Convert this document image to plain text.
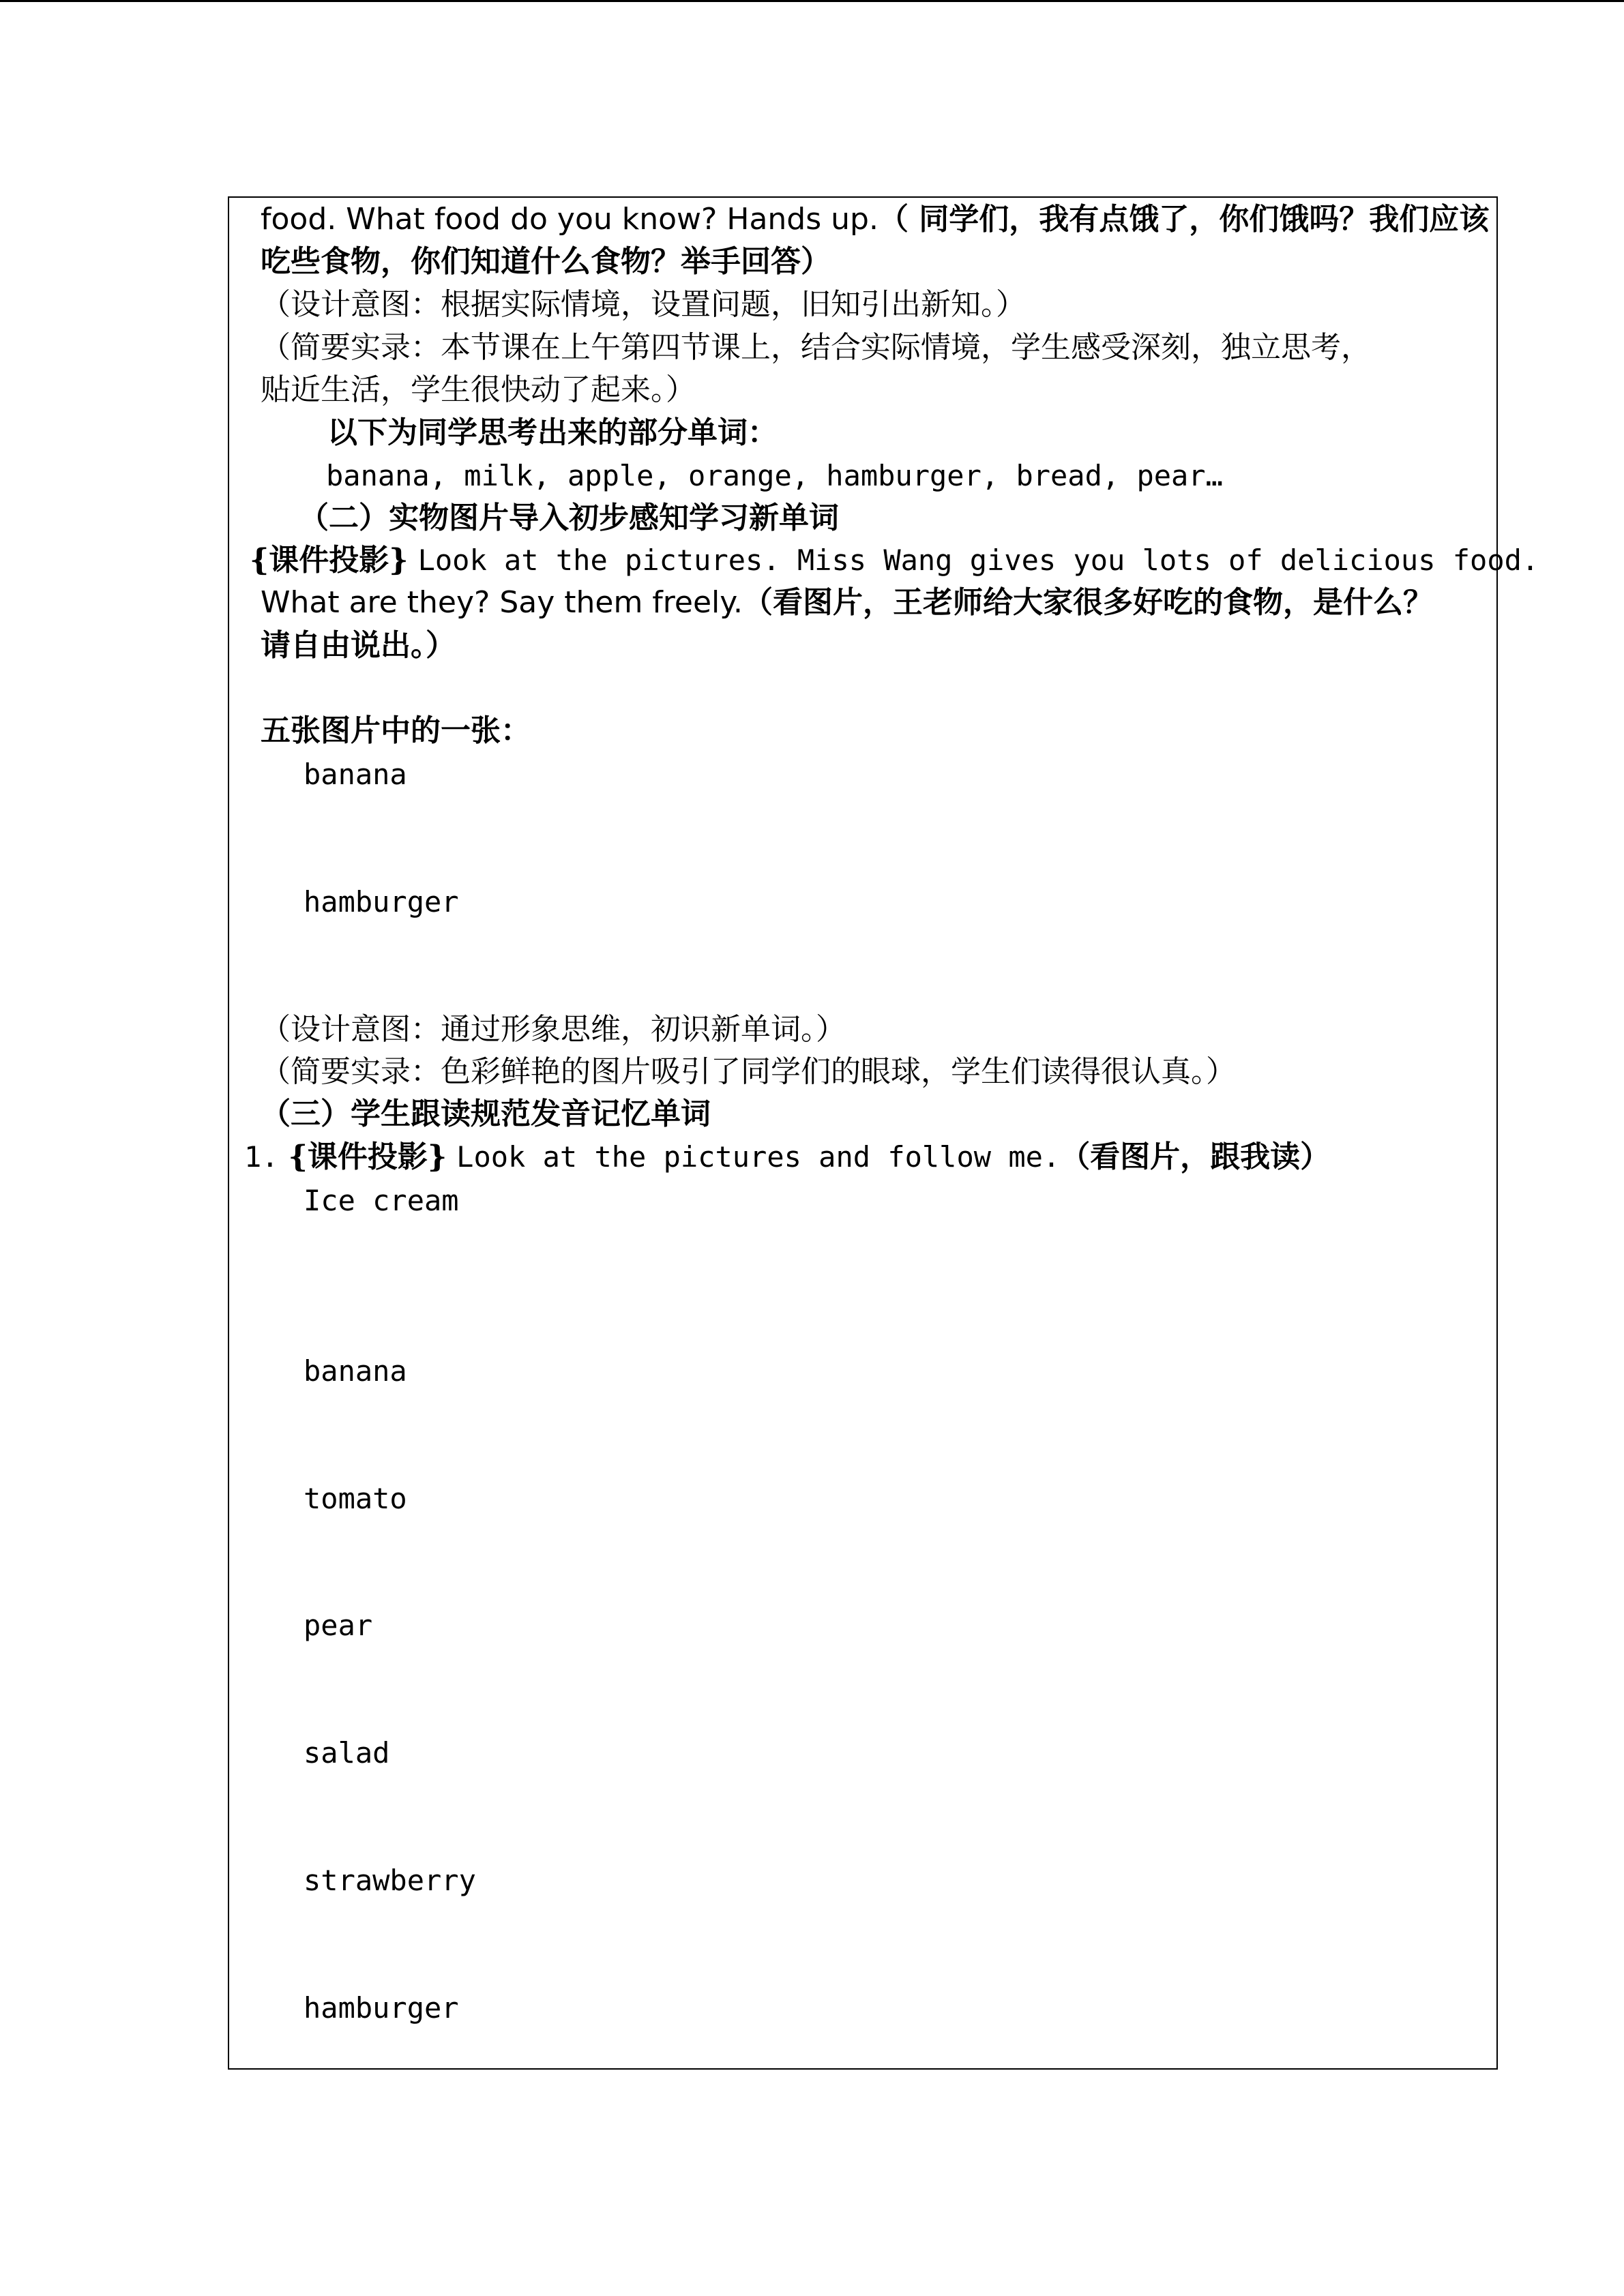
food. What food do you know? Hands up.（ 同学们，我有点饿了，你们饿吗？我们应该
吃些食物，你们知道什么食物？举手回答）
（设计意图：根据实际情境，设置问题，旧知引出新知。）
（简要实录：本节课在上午第四节课上，结合实际情境，学生感受深刻，独立思考，
贴近生活，学生很快动了起来。）
以下为同学思考出来的部分单词：
banana, milk, apple, orange, hamburger, bread, pear…
（二）实物图片导入初步感知学习新单词
{课件投影} Look at the pictures. Miss Wang gives you lots of delicious food.
What are they? Say them freely.（看图片，王老师给大家很多好吃的食物，是什么？
请自由说出。）
五张图片中的一张：
banana
hamburger
（设计意图：通过形象思维，初识新单词。）
（简要实录：色彩鲜艳的图片吸引了同学们的眼球，学生们读得很认真。）
（三）学生跟读规范发音记忆单词
1. {课件投影} Look at the pictures and follow me.（看图片，跟我读）
Ice cream
banana
tomato
pear
salad
strawberry
hamburger
